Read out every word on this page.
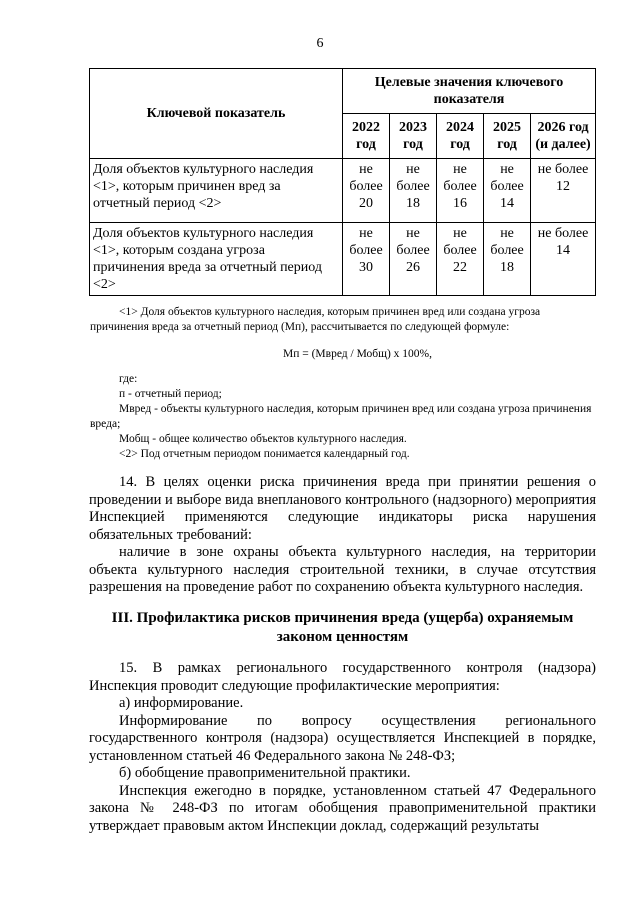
6
Ключевой показатель	Целевые значения ключевого показателя				
	2022 год	2023 год	2024 год	2025 год	2026 год (и далее)
Доля объектов культурного наследия <1>, которым причинен вред за отчетный период <2>	не более 20	не более 18	не более 16	не более 14	не более 12
Доля объектов культурного наследия <1>, которым создана угроза причинения вреда за отчетный период <2>	не более 30	не более 26	не более 22	не более 18	не более 14

<1> Доля объектов культурного наследия, которым причинен вред или создана угроза причинения вреда за отчетный период (Мп), рассчитывается по следующей формуле:

Мп = (Мвред / Мобщ) x 100%,

где:

п - отчетный период;

Мвред - объекты культурного наследия, которым причинен вред или создана угроза причинения вреда;

Мобщ - общее количество объектов культурного наследия.

<2> Под отчетным периодом понимается календарный год.

14. В целях оценки риска причинения вреда при принятии решения о проведении и выборе вида внепланового контрольного (надзорного) мероприятия Инспекцией применяются следующие индикаторы риска нарушения обязательных требований:

наличие в зоне охраны объекта культурного наследия, на территории объекта культурного наследия строительной техники, в случае отсутствия разрешения на проведение работ по сохранению объекта культурного наследия.

III. Профилактика рисков причинения вреда (ущерба) охраняемым законом ценностям

15. В рамках регионального государственного контроля (надзора) Инспекция проводит следующие профилактические мероприятия:

а) информирование.

Информирование по вопросу осуществления регионального государственного контроля (надзора) осуществляется Инспекцией в порядке, установленном статьей 46 Федерального закона № 248-ФЗ;

б) обобщение правоприменительной практики.

Инспекция ежегодно в порядке, установленном статьей 47 Федерального закона № 248-ФЗ по итогам обобщения правоприменительной практики утверждает правовым актом Инспекции доклад, содержащий результаты
